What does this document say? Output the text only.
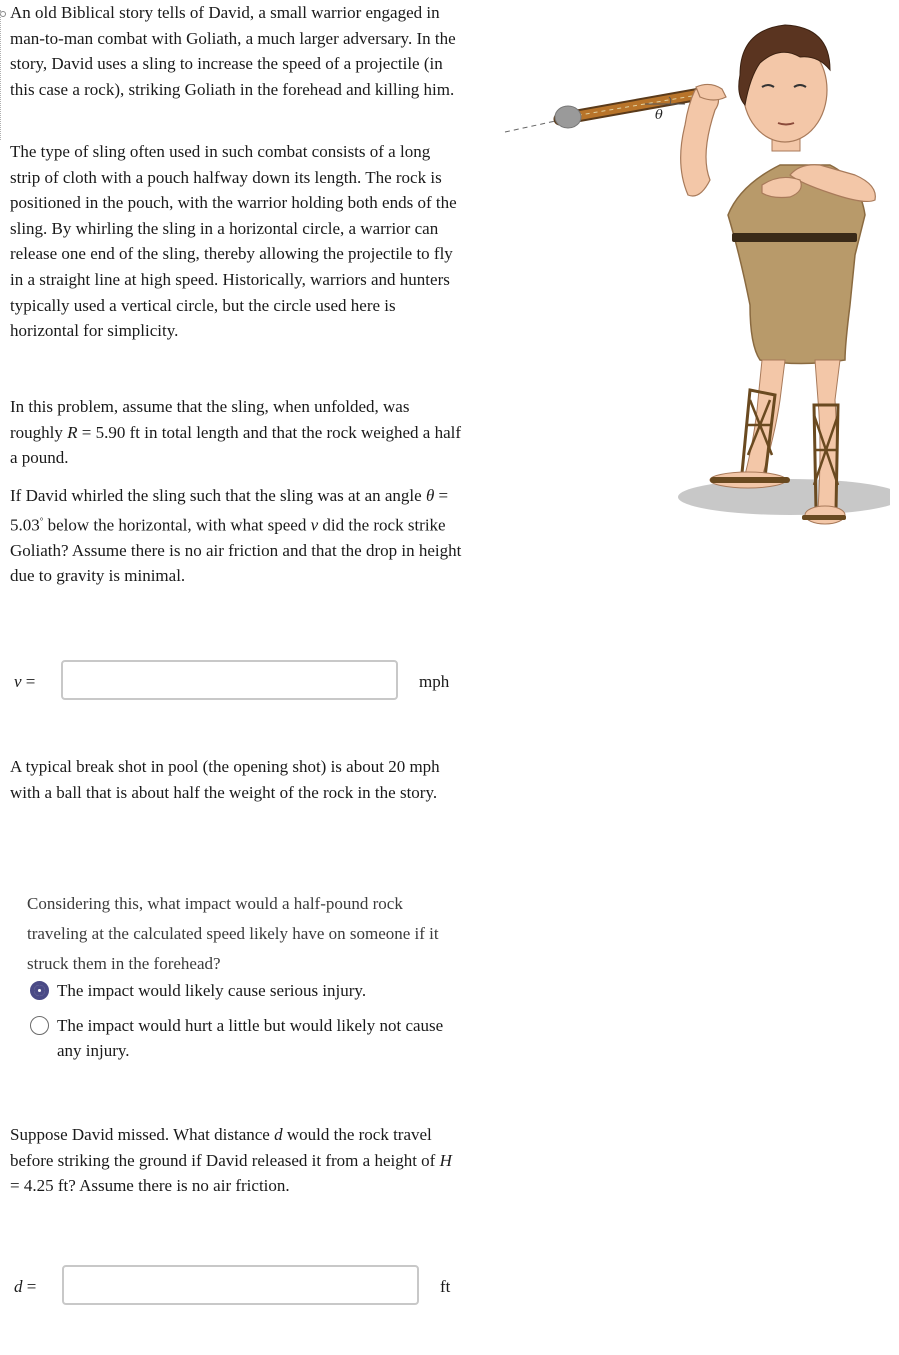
An old Biblical story tells of David, a small warrior engaged in man-to-man combat with Goliath, a much larger adversary. In the story, David uses a sling to increase the speed of a projectile (in this case a rock), striking Goliath in the forehead and killing him.

The type of sling often used in such combat consists of a long strip of cloth with a pouch halfway down its length. The rock is positioned in the pouch, with the warrior holding both ends of the sling. By whirling the sling in a horizontal circle, a warrior can release one end of the sling, thereby allowing the projectile to fly in a straight line at high speed. Historically, warriors and hunters typically used a vertical circle, but the circle used here is horizontal for simplicity.

In this problem, assume that the sling, when unfolded, was roughly R = 5.90 ft in total length and that the rock weighed a half a pound.

If David whirled the sling such that the sling was at an angle θ = 5.03° below the horizontal, with what speed v did the rock strike Goliath? Assume there is no air friction and that the drop in height due to gravity is minimal.

v =	mph

A typical break shot in pool (the opening shot) is about 20 mph with a ball that is about half the weight of the rock in the story.

Considering this, what impact would a half-pound rock traveling at the calculated speed likely have on someone if it struck them in the forehead?

The impact would likely cause serious injury.
The impact would hurt a little but would likely not cause any injury.

Suppose David missed. What distance d would the rock travel before striking the ground if David released it from a height of H = 4.25 ft? Assume there is no air friction.

d =	ft
θ
